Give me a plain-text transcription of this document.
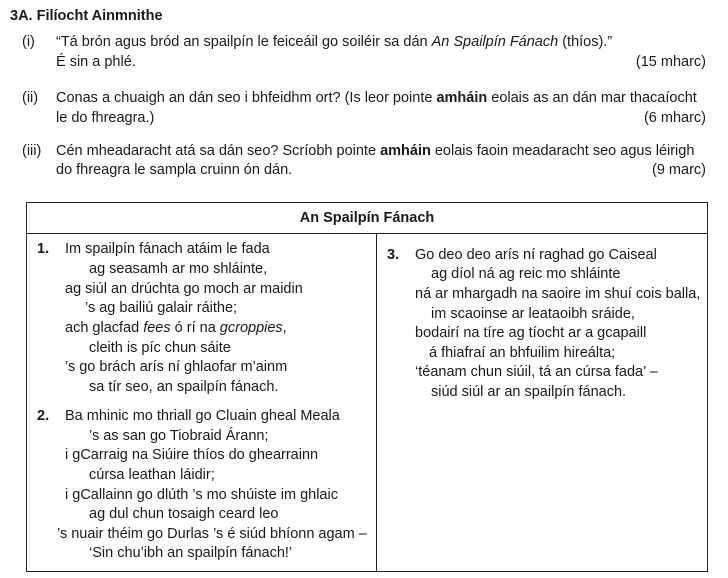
3A. Filíocht Ainmnithe
(i) “Tá brón agus bród an spailpín le feiceáil go soiléir sa dán An Spailpín Fánach (thíos).”
É sin a phlé.	(15 mharc)
(ii) Conas a chuaigh an dán seo i bhfeidhm ort? (Is leor pointe amháin eolais as an dán mar thacaíocht
le do fhreagra.)	(6 mharc)
(iii) Cén mheadaracht atá sa dán seo? Scríobh pointe amháin eolais faoin meadaracht seo agus léirigh
do fhreagra le sampla cruinn ón dán.	(9 marc)
An Spailpín Fánach
1. Im spailpín fánach atáim le fada
ag seasamh ar mo shláinte,
ag siúl an drúchta go moch ar maidin
’s ag bailiú galair ráithe;
ach glacfad fees ó rí na gcroppies,
cleith is píc chun sáite
’s go brách arís ní ghlaofar m’ainm
sa tír seo, an spailpín fánach.
2. Ba mhinic mo thriall go Cluain gheal Meala
’s as san go Tiobraid Árann;
i gCarraig na Siúire thíos do ghearrainn
cúrsa leathan láidir;
i gCallainn go dlúth ’s mo shúiste im ghlaic
ag dul chun tosaigh ceard leo
’s nuair théim go Durlas ’s é siúd bhíonn agam –
‘Sin chu’ibh an spailpín fánach!’
3. Go deo deo arís ní raghad go Caiseal
ag díol ná ag reic mo shláinte
ná ar mhargadh na saoire im shuí cois balla,
im scaoinse ar leataoibh sráide,
bodairí na tíre ag tíocht ar a gcapaill
á fhiafraí an bhfuilim hireálta;
‘téanam chun siúil, tá an cúrsa fada’ –
siúd siúl ar an spailpín fánach.
